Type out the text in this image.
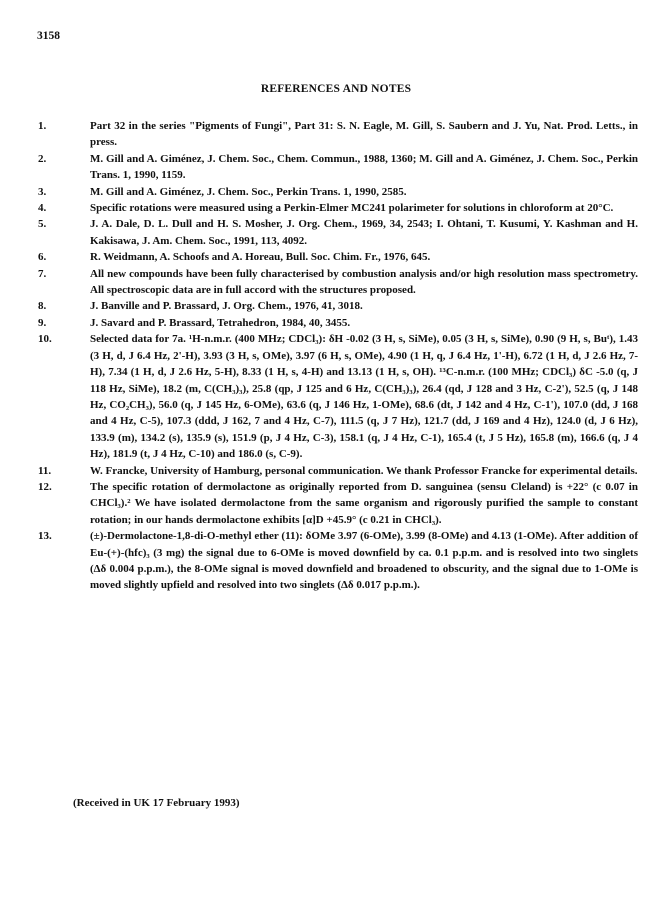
3158
REFERENCES AND NOTES
1.	Part 32 in the series "Pigments of Fungi", Part 31: S. N. Eagle, M. Gill, S. Saubern and J. Yu, Nat. Prod. Letts., in press.
2.	M. Gill and A. Giménez, J. Chem. Soc., Chem. Commun., 1988, 1360; M. Gill and A. Giménez, J. Chem. Soc., Perkin Trans. 1, 1990, 1159.
3.	M. Gill and A. Giménez, J. Chem. Soc., Perkin Trans. 1, 1990, 2585.
4.	Specific rotations were measured using a Perkin-Elmer MC241 polarimeter for solutions in chloroform at 20°C.
5.	J. A. Dale, D. L. Dull and H. S. Mosher, J. Org. Chem., 1969, 34, 2543; I. Ohtani, T. Kusumi, Y. Kashman and H. Kakisawa, J. Am. Chem. Soc., 1991, 113, 4092.
6.	R. Weidmann, A. Schoofs and A. Horeau, Bull. Soc. Chim. Fr., 1976, 645.
7.	All new compounds have been fully characterised by combustion analysis and/or high resolution mass spectrometry. All spectroscopic data are in full accord with the structures proposed.
8.	J. Banville and P. Brassard, J. Org. Chem., 1976, 41, 3018.
9.	J. Savard and P. Brassard, Tetrahedron, 1984, 40, 3455.
10.	Selected data for 7a. ¹H-n.m.r. (400 MHz; CDCl₃): δH -0.02 (3 H, s, SiMe), 0.05 (3 H, s, SiMe), 0.90 (9 H, s, Buᵗ), 1.43 (3 H, d, J 6.4 Hz, 2'-H), 3.93 (3 H, s, OMe), 3.97 (6 H, s, OMe), 4.90 (1 H, q, J 6.4 Hz, 1'-H), 6.72 (1 H, d, J 2.6 Hz, 7-H), 7.34 (1 H, d, J 2.6 Hz, 5-H), 8.33 (1 H, s, 4-H) and 13.13 (1 H, s, OH). ¹³C-n.m.r. (100 MHz; CDCl₃) δC -5.0 (q, J 118 Hz, SiMe), 18.2 (m, C(CH₃)₃), 25.8 (qp, J 125 and 6 Hz, C(CH₃)₃), 26.4 (qd, J 128 and 3 Hz, C-2'), 52.5 (q, J 148 Hz, CO₂CH₃), 56.0 (q, J 145 Hz, 6-OMe), 63.6 (q, J 146 Hz, 1-OMe), 68.6 (dt, J 142 and 4 Hz, C-1'), 107.0 (dd, J 168 and 4 Hz, C-5), 107.3 (ddd, J 162, 7 and 4 Hz, C-7), 111.5 (q, J 7 Hz), 121.7 (dd, J 169 and 4 Hz), 124.0 (d, J 6 Hz), 133.9 (m), 134.2 (s), 135.9 (s), 151.9 (p, J 4 Hz, C-3), 158.1 (q, J 4 Hz, C-1), 165.4 (t, J 5 Hz), 165.8 (m), 166.6 (q, J 4 Hz), 181.9 (t, J 4 Hz, C-10) and 186.0 (s, C-9).
11.	W. Francke, University of Hamburg, personal communication. We thank Professor Francke for experimental details.
12.	The specific rotation of dermolactone as originally reported from D. sanguinea (sensu Cleland) is +22° (c 0.07 in CHCl₃).² We have isolated dermolactone from the same organism and rigorously purified the sample to constant rotation; in our hands dermolactone exhibits [α]D +45.9° (c 0.21 in CHCl₃).
13.	(±)-Dermolactone-1,8-di-O-methyl ether (11): δOMe 3.97 (6-OMe), 3.99 (8-OMe) and 4.13 (1-OMe). After addition of Eu-(+)-(hfc)₃ (3 mg) the signal due to 6-OMe is moved downfield by ca. 0.1 p.p.m. and is resolved into two singlets (Δδ 0.004 p.p.m.), the 8-OMe signal is moved downfield and broadened to obscurity, and the signal due to 1-OMe is moved slightly upfield and resolved into two singlets (Δδ 0.017 p.p.m.).
(Received in UK 17 February 1993)
